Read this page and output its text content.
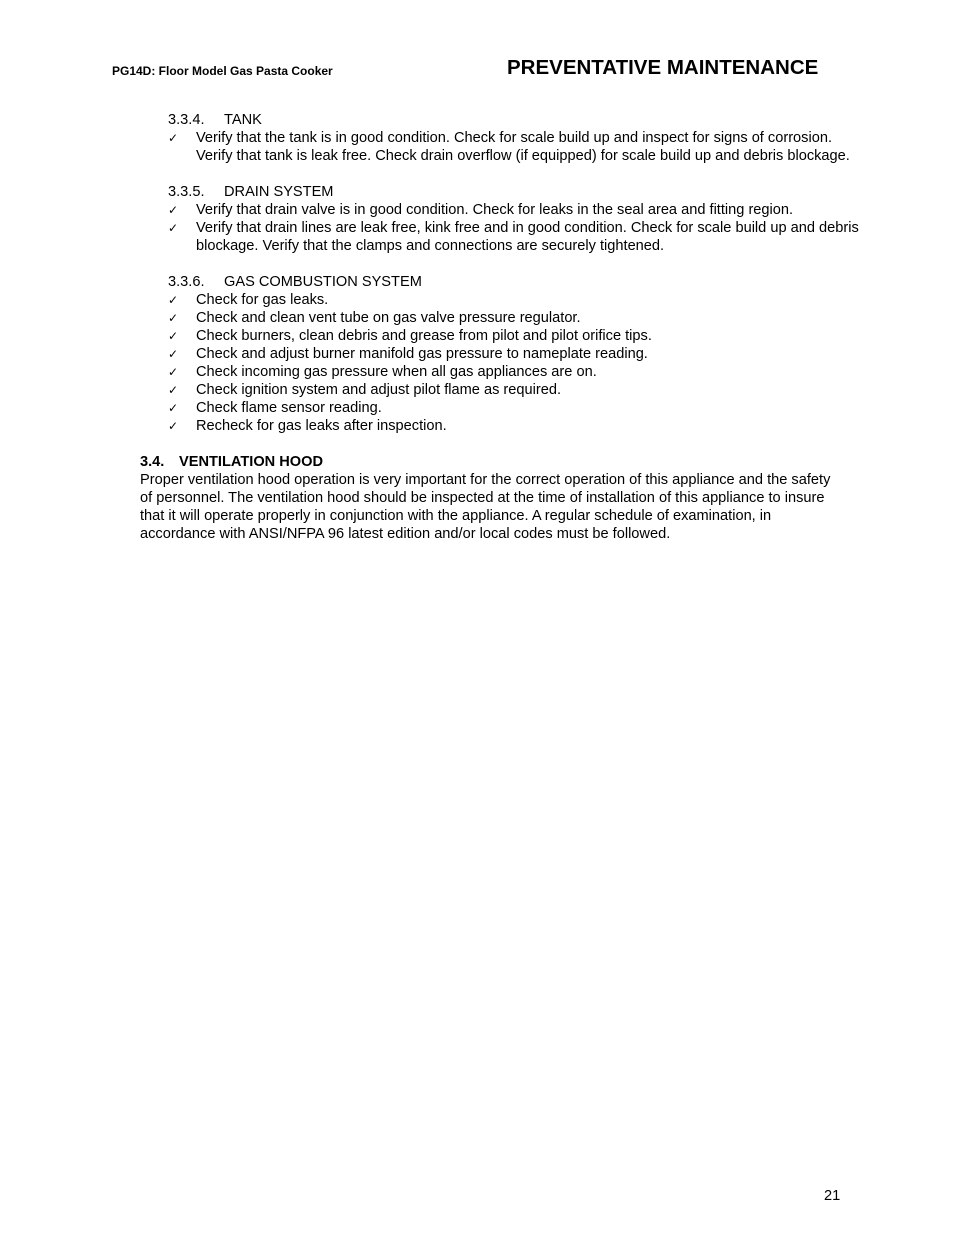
PG14D: Floor Model Gas Pasta Cooker	PREVENTATIVE MAINTENANCE
3.3.4. TANK
✓ Verify that the tank is in good condition. Check for scale build up and inspect for signs of corrosion. Verify that tank is leak free. Check drain overflow (if equipped) for scale build up and debris blockage.
3.3.5. DRAIN SYSTEM
✓ Verify that drain valve is in good condition. Check for leaks in the seal area and fitting region.
✓ Verify that drain lines are leak free, kink free and in good condition. Check for scale build up and debris blockage. Verify that the clamps and connections are securely tightened.
3.3.6. GAS COMBUSTION SYSTEM
✓ Check for gas leaks.
✓ Check and clean vent tube on gas valve pressure regulator.
✓ Check burners, clean debris and grease from pilot and pilot orifice tips.
✓ Check and adjust burner manifold gas pressure to nameplate reading.
✓ Check incoming gas pressure when all gas appliances are on.
✓ Check ignition system and adjust pilot flame as required.
✓ Check flame sensor reading.
✓ Recheck for gas leaks after inspection.
3.4. VENTILATION HOOD

Proper ventilation hood operation is very important for the correct operation of this appliance and the safety of personnel. The ventilation hood should be inspected at the time of installation of this appliance to insure that it will operate properly in conjunction with the appliance. A regular schedule of examination, in accordance with ANSI/NFPA 96 latest edition and/or local codes must be followed.

21
